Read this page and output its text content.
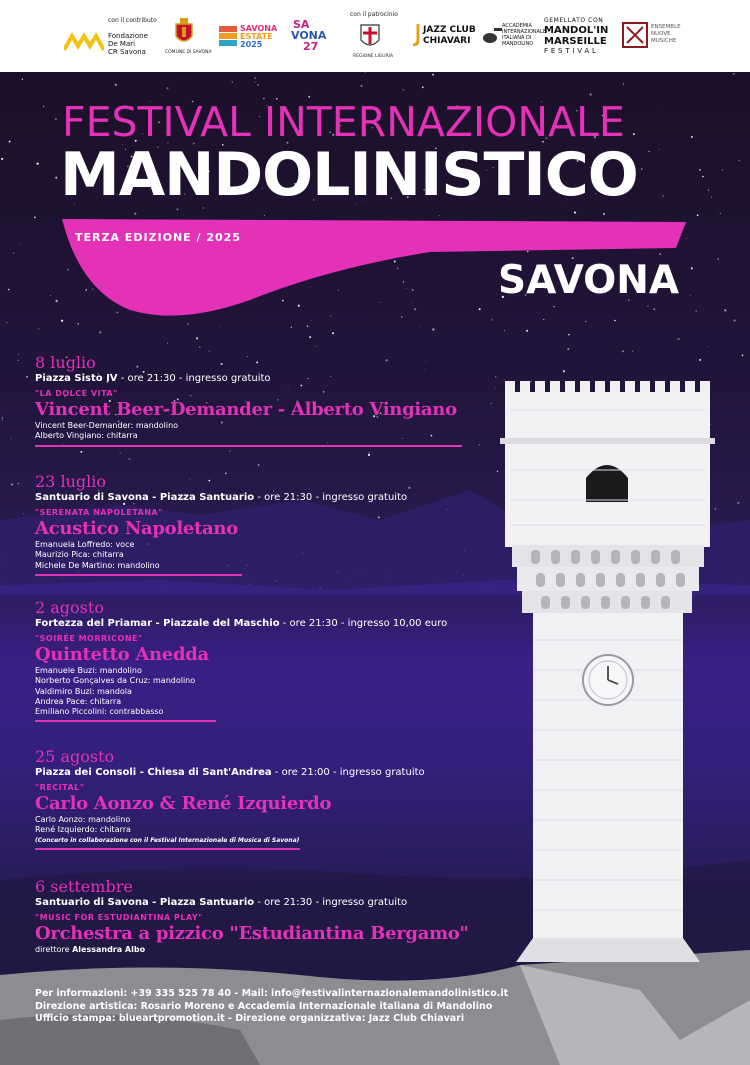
con il contributo
Fondazione
De Mari
CR Savona	COMUNE DI SAVONA
SAVONA
ESTATE
2025
SA
VONA
27
con il patrocinio
REGIONE LIGURIA
JAZZ CLUB
CHIAVARI
ACCADEMIA
INTERNAZIONALE
ITALIANA DI
MANDOLINO
GEMELLATO CON
MANDOL'IN
MARSEILLE
FESTIVAL
ENSEMBLE
NUOVE
MUSICHE
FESTIVAL INTERNAZIONALE
MANDOLINISTICO
TERZA EDIZIONE / 2025
SAVONA
8 luglio
Piazza Sisto IV - ore 21:30 - ingresso gratuito
"LA DOLCE VITA"
Vincent Beer-Demander - Alberto Vingiano
Vincent Beer-Demander: mandolino
Alberto Vingiano: chitarra
23 luglio
Santuario di Savona - Piazza Santuario - ore 21:30 - ingresso gratuito
"SERENATA NAPOLETANA"
Acustico Napoletano
Emanuela Loffredo: voce
Maurizio Pica: chitarra
Michele De Martino: mandolino
2 agosto
Fortezza del Priamar - Piazzale del Maschio - ore 21:30 - ingresso 10,00 euro
"SOIRÉE MORRICONE"
Quintetto Anedda
Emanuele Buzi: mandolino
Norberto Gonçalves da Cruz: mandolino
Valdimiro Buzi: mandola
Andrea Pace: chitarra
Emiliano Piccolini: contrabbasso
25 agosto
Piazza dei Consoli - Chiesa di Sant'Andrea - ore 21:00 - ingresso gratuito
"RECITAL"
Carlo Aonzo & René Izquierdo
Carlo Aonzo: mandolino
René Izquierdo: chitarra
(Concerto in collaborazione con il Festival Internazionale di Musica di Savona)
6 settembre
Santuario di Savona - Piazza Santuario - ore 21:30 - ingresso gratuito
"MUSIC FOR ESTUDIANTINA PLAY"
Orchestra a pizzico "Estudiantina Bergamo"
direttore Alessandra Albo
Per informazioni: +39 335 525 78 40 - Mail: info@festivalinternazionalemandolinistico.it
Direzione artistica: Rosario Moreno e Accademia Internazionale italiana di Mandolino
Ufficio stampa: blueartpromotion.it - Direzione organizzativa: Jazz Club Chiavari
